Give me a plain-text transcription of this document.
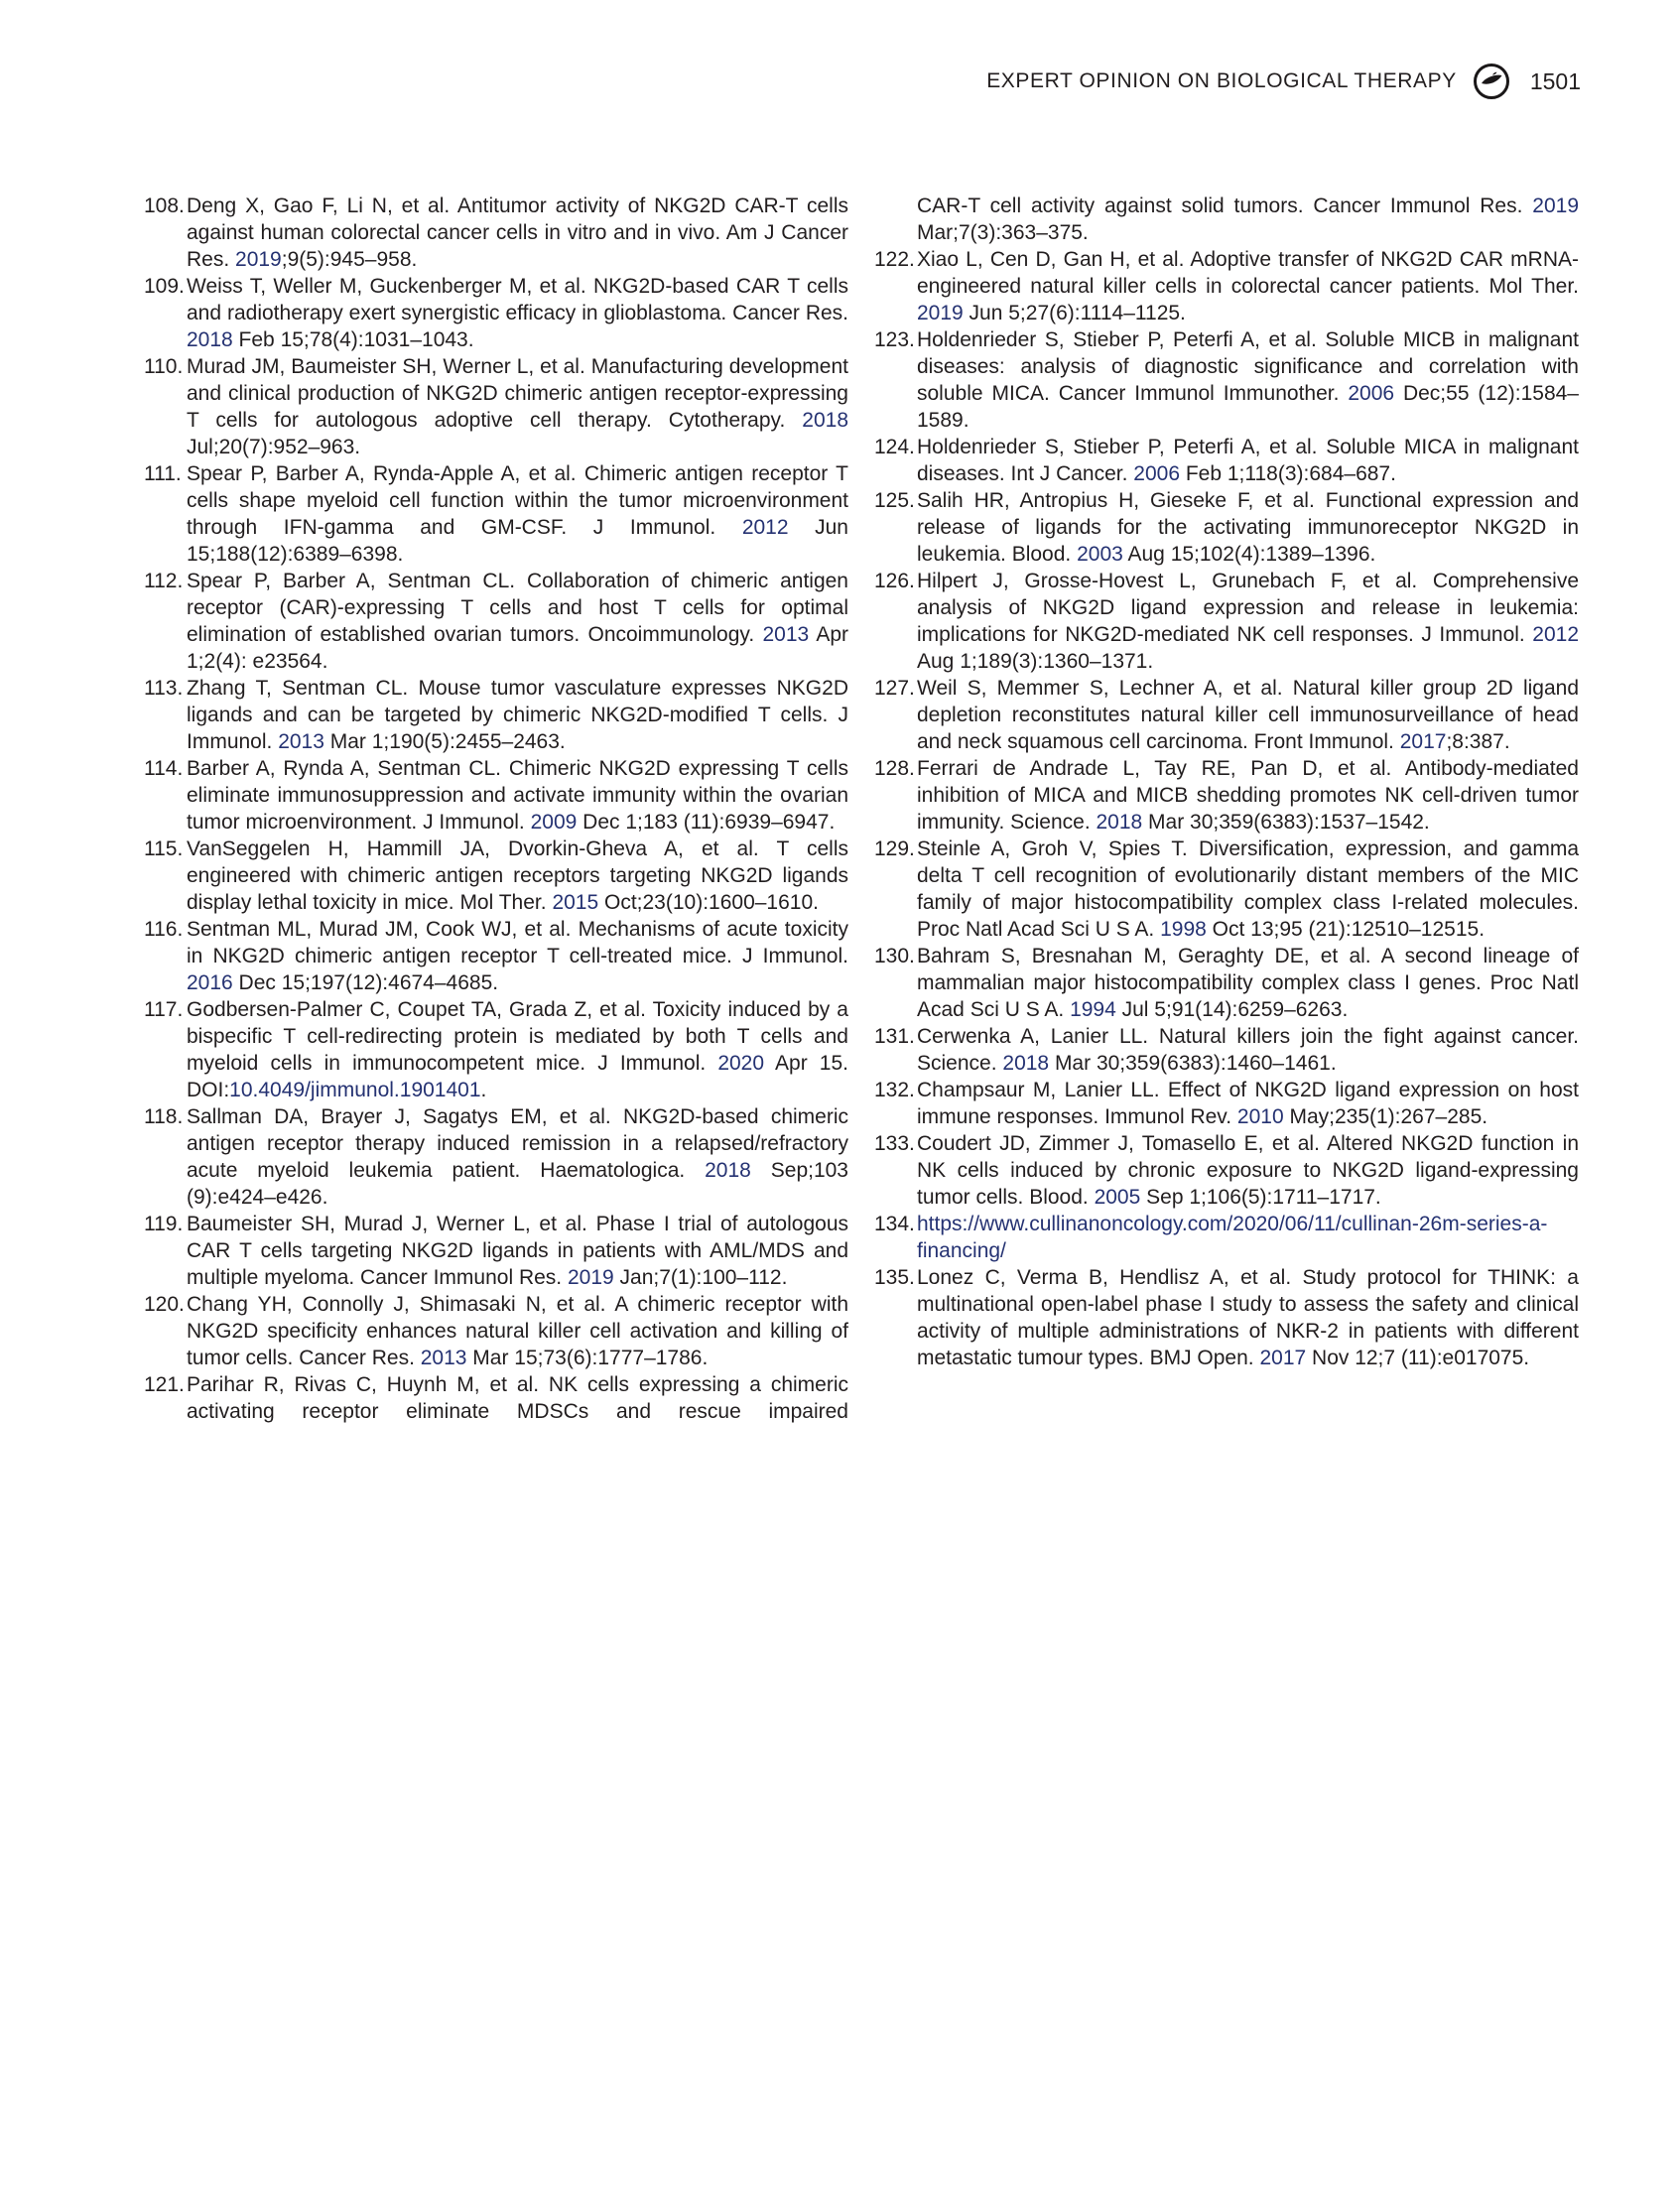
EXPERT OPINION ON BIOLOGICAL THERAPY	1501
108. Deng X, Gao F, Li N, et al. Antitumor activity of NKG2D CAR-T cells against human colorectal cancer cells in vitro and in vivo. Am J Cancer Res. 2019;9(5):945–958.
109. Weiss T, Weller M, Guckenberger M, et al. NKG2D-based CAR T cells and radiotherapy exert synergistic efficacy in glioblastoma. Cancer Res. 2018 Feb 15;78(4):1031–1043.
110. Murad JM, Baumeister SH, Werner L, et al. Manufacturing development and clinical production of NKG2D chimeric antigen receptor-expressing T cells for autologous adoptive cell therapy. Cytotherapy. 2018 Jul;20(7):952–963.
111. Spear P, Barber A, Rynda-Apple A, et al. Chimeric antigen receptor T cells shape myeloid cell function within the tumor microenvironment through IFN-gamma and GM-CSF. J Immunol. 2012 Jun 15;188(12):6389–6398.
112. Spear P, Barber A, Sentman CL. Collaboration of chimeric antigen receptor (CAR)-expressing T cells and host T cells for optimal elimination of established ovarian tumors. Oncoimmunology. 2013 Apr 1;2(4): e23564.
113. Zhang T, Sentman CL. Mouse tumor vasculature expresses NKG2D ligands and can be targeted by chimeric NKG2D-modified T cells. J Immunol. 2013 Mar 1;190(5):2455–2463.
114. Barber A, Rynda A, Sentman CL. Chimeric NKG2D expressing T cells eliminate immunosuppression and activate immunity within the ovarian tumor microenvironment. J Immunol. 2009 Dec 1;183 (11):6939–6947.
115. VanSeggelen H, Hammill JA, Dvorkin-Gheva A, et al. T cells engineered with chimeric antigen receptors targeting NKG2D ligands display lethal toxicity in mice. Mol Ther. 2015 Oct;23(10):1600–1610.
116. Sentman ML, Murad JM, Cook WJ, et al. Mechanisms of acute toxicity in NKG2D chimeric antigen receptor T cell-treated mice. J Immunol. 2016 Dec 15;197(12):4674–4685.
117. Godbersen-Palmer C, Coupet TA, Grada Z, et al. Toxicity induced by a bispecific T cell-redirecting protein is mediated by both T cells and myeloid cells in immunocompetent mice. J Immunol. 2020 Apr 15. DOI:10.4049/jimmunol.1901401.
118. Sallman DA, Brayer J, Sagatys EM, et al. NKG2D-based chimeric antigen receptor therapy induced remission in a relapsed/refractory acute myeloid leukemia patient. Haematologica. 2018 Sep;103 (9):e424–e426.
119. Baumeister SH, Murad J, Werner L, et al. Phase I trial of autologous CAR T cells targeting NKG2D ligands in patients with AML/MDS and multiple myeloma. Cancer Immunol Res. 2019 Jan;7(1):100–112.
120. Chang YH, Connolly J, Shimasaki N, et al. A chimeric receptor with NKG2D specificity enhances natural killer cell activation and killing of tumor cells. Cancer Res. 2013 Mar 15;73(6):1777–1786.
121. Parihar R, Rivas C, Huynh M, et al. NK cells expressing a chimeric activating receptor eliminate MDSCs and rescue impaired
CAR-T cell activity against solid tumors. Cancer Immunol Res. 2019 Mar;7(3):363–375.
122. Xiao L, Cen D, Gan H, et al. Adoptive transfer of NKG2D CAR mRNA-engineered natural killer cells in colorectal cancer patients. Mol Ther. 2019 Jun 5;27(6):1114–1125.
123. Holdenrieder S, Stieber P, Peterfi A, et al. Soluble MICB in malignant diseases: analysis of diagnostic significance and correlation with soluble MICA. Cancer Immunol Immunother. 2006 Dec;55 (12):1584–1589.
124. Holdenrieder S, Stieber P, Peterfi A, et al. Soluble MICA in malignant diseases. Int J Cancer. 2006 Feb 1;118(3):684–687.
125. Salih HR, Antropius H, Gieseke F, et al. Functional expression and release of ligands for the activating immunoreceptor NKG2D in leukemia. Blood. 2003 Aug 15;102(4):1389–1396.
126. Hilpert J, Grosse-Hovest L, Grunebach F, et al. Comprehensive analysis of NKG2D ligand expression and release in leukemia: implications for NKG2D-mediated NK cell responses. J Immunol. 2012 Aug 1;189(3):1360–1371.
127. Weil S, Memmer S, Lechner A, et al. Natural killer group 2D ligand depletion reconstitutes natural killer cell immunosurveillance of head and neck squamous cell carcinoma. Front Immunol. 2017;8:387.
128. Ferrari de Andrade L, Tay RE, Pan D, et al. Antibody-mediated inhibition of MICA and MICB shedding promotes NK cell-driven tumor immunity. Science. 2018 Mar 30;359(6383):1537–1542.
129. Steinle A, Groh V, Spies T. Diversification, expression, and gamma delta T cell recognition of evolutionarily distant members of the MIC family of major histocompatibility complex class I-related molecules. Proc Natl Acad Sci U S A. 1998 Oct 13;95 (21):12510–12515.
130. Bahram S, Bresnahan M, Geraghty DE, et al. A second lineage of mammalian major histocompatibility complex class I genes. Proc Natl Acad Sci U S A. 1994 Jul 5;91(14):6259–6263.
131. Cerwenka A, Lanier LL. Natural killers join the fight against cancer. Science. 2018 Mar 30;359(6383):1460–1461.
132. Champsaur M, Lanier LL. Effect of NKG2D ligand expression on host immune responses. Immunol Rev. 2010 May;235(1):267–285.
133. Coudert JD, Zimmer J, Tomasello E, et al. Altered NKG2D function in NK cells induced by chronic exposure to NKG2D ligand-expressing tumor cells. Blood. 2005 Sep 1;106(5):1711–1717.
134. https://www.cullinanoncology.com/2020/06/11/cullinan-26m-series-a-financing/
135. Lonez C, Verma B, Hendlisz A, et al. Study protocol for THINK: a multinational open-label phase I study to assess the safety and clinical activity of multiple administrations of NKR-2 in patients with different metastatic tumour types. BMJ Open. 2017 Nov 12;7 (11):e017075.
